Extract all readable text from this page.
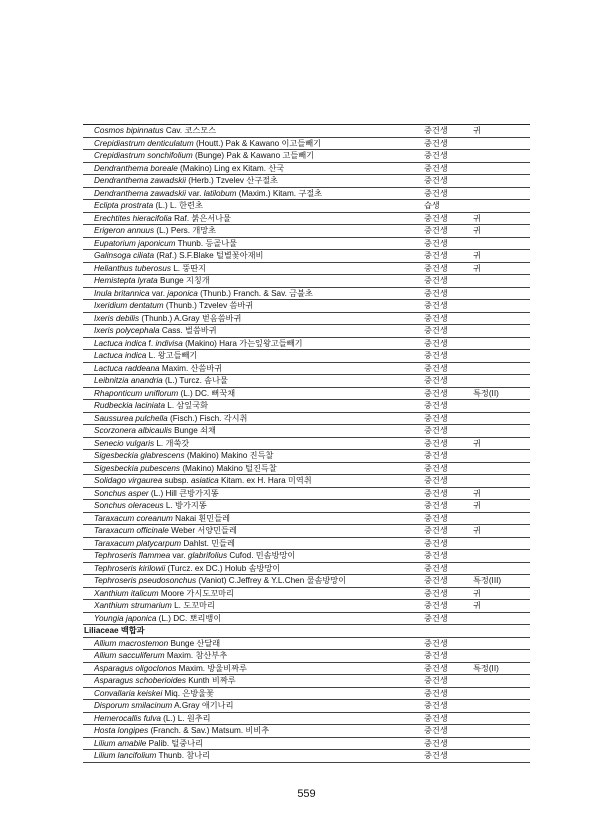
Cosmos bipinnatus Cav. 코스모스	중건생	귀
Crepidiastrum denticulatum (Houtt.) Pak & Kawano 이고들빼기	중건생
Crepidiastrum sonchifolium (Bunge) Pak & Kawano 고들빼기	중건생
Dendranthema boreale (Makino) Ling ex Kitam. 산국	중건생
Dendranthema zawadskii (Herb.) Tzvelev 산구절초	중건생
Dendranthema zawadskii var. latilobum (Maxim.) Kitam. 구절초	중건생
Eclipta prostrata (L.) L. 한련초	습생
Erechtites hieracifolia Raf. 붉은서나물	중건생	귀
Erigeron annuus (L.) Pers. 개망초	중건생	귀
Eupatorium japonicum Thunb. 등골나물	중건생
Galinsoga ciliata (Raf.) S.F.Blake 털별꽃아재비	중건생	귀
Helianthus tuberosus L. 뚱딴지	중건생	귀
Hemistepta lyrata Bunge 지칭개	중건생
Inula britannica var. japonica (Thunb.) Franch. & Sav. 금불초	중건생
Ixeridium dentatum (Thunb.) Tzvelev 씀바귀	중건생
Ixeris debilis (Thunb.) A.Gray 벋음씀바귀	중건생
Ixeris polycephala Cass. 벌씀바귀	중건생
Lactuca indica f. indivisa (Makino) Hara 가는잎왕고들빼기	중건생
Lactuca indica L. 왕고들빼기	중건생
Lactuca raddeana Maxim. 산씀바귀	중건생
Leibnitzia anandria (L.) Turcz. 솜나물	중건생
Rhaponticum uniflorum (L.) DC. 뻐꾹채	중건생	특정(II)
Rudbeckia laciniata L. 삼잎국화	중건생
Saussurea pulchella (Fisch.) Fisch. 각시취	중건생
Scorzonera albicaulis Bunge 쇠채	중건생
Senecio vulgaris L. 개쑥갓	중건생	귀
Sigesbeckia glabrescens (Makino) Makino 진득찰	중건생
Sigesbeckia pubescens (Makino) Makino 털진득찰	중건생
Solidago virgaurea subsp. asiatica Kitam. ex H. Hara 미역취	중건생
Sonchus asper (L.) Hill 큰방가지똥	중건생	귀
Sonchus oleraceus L. 방가지똥	중건생	귀
Taraxacum coreanum Nakai 흰민들레	중건생
Taraxacum officinale Weber 서양민들레	중건생	귀
Taraxacum platycarpum Dahlst. 민들레	중건생
Tephroseris flammea var. glabrifolius Cufod. 민솜방망이	중건생
Tephroseris kirilowii (Turcz. ex DC.) Holub 솜방망이	중건생
Tephroseris pseudosonchus (Vaniot) C.Jeffrey & Y.L.Chen 물솜방망이	중건생	특정(III)
Xanthium italicum Moore 가시도꼬마리	중건생	귀
Xanthium strumarium L. 도꼬마리	중건생	귀
Youngia japonica (L.) DC. 뽀리뱅이	중건생
Liliaceae 백합과
Allium macrostemon Bunge 산달래	중건생
Allium sacculiferum Maxim. 참산부추	중건생
Asparagus oligoclonos Maxim. 방울비짜루	중건생	특정(II)
Asparagus schoberioides Kunth 비짜루	중건생
Convallaria keiskei Miq. 은방울꽃	중건생
Disporum smilacinum A.Gray 애기나리	중건생
Hemerocallis fulva (L.) L. 원추리	중건생
Hosta longipes (Franch. & Sav.) Matsum. 비비추	중건생
Lilium amabile Palib. 털중나리	중건생
Lilium lancifolium Thunb. 참나리	중건생
559
